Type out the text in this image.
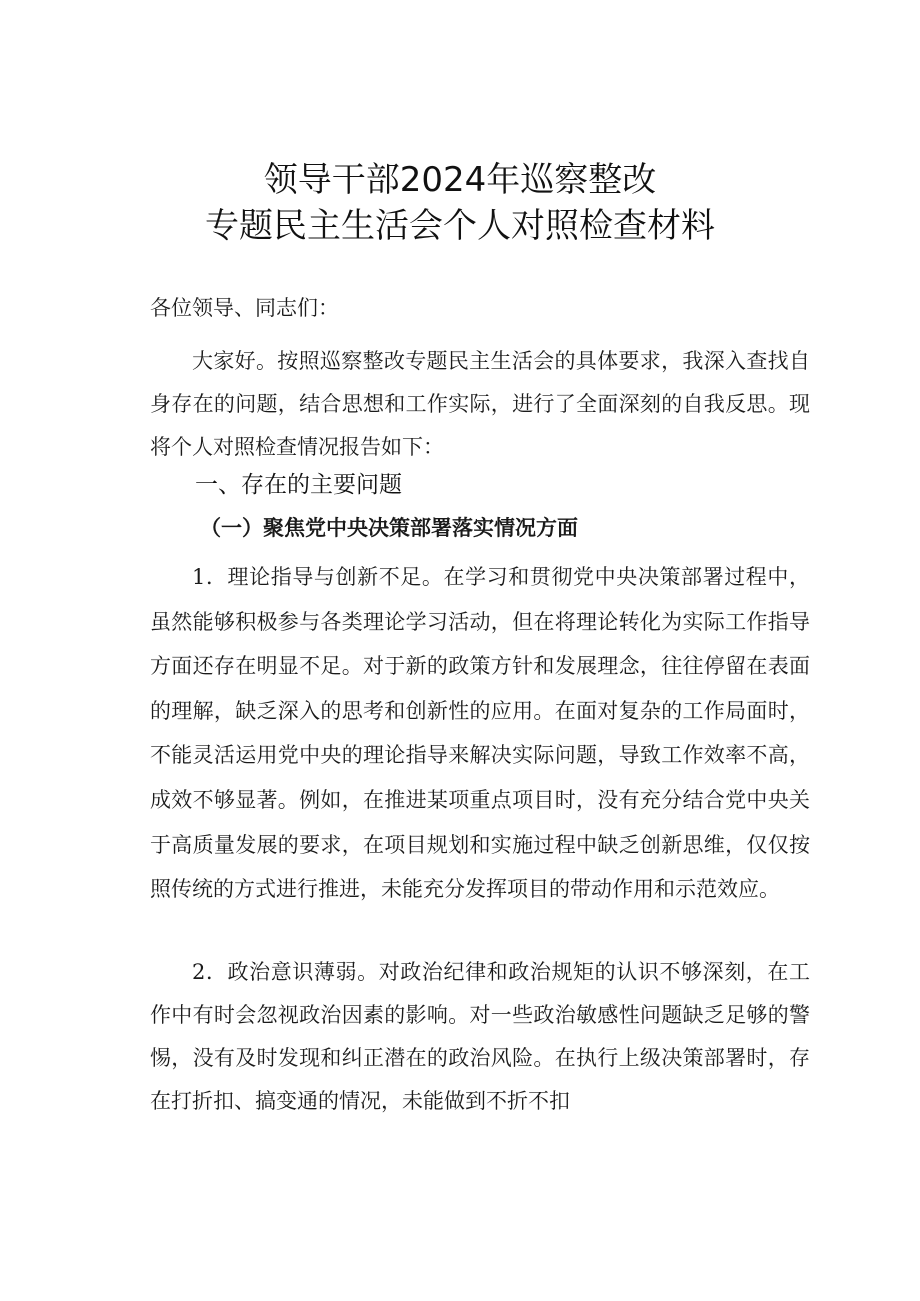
领导干部2024年巡察整改
专题民主生活会个人对照检查材料

各位领导、同志们：

大家好。按照巡察整改专题民主生活会的具体要求，我深入查找自身存在的问题，结合思想和工作实际，进行了全面深刻的自我反思。现将个人对照检查情况报告如下：

一、存在的主要问题
（一）聚焦党中央决策部署落实情况方面

1．理论指导与创新不足。在学习和贯彻党中央决策部署过程中，虽然能够积极参与各类理论学习活动，但在将理论转化为实际工作指导方面还存在明显不足。对于新的政策方针和发展理念，往往停留在表面的理解，缺乏深入的思考和创新性的应用。在面对复杂的工作局面时，不能灵活运用党中央的理论指导来解决实际问题，导致工作效率不高，成效不够显著。例如，在推进某项重点项目时，没有充分结合党中央关于高质量发展的要求，在项目规划和实施过程中缺乏创新思维，仅仅按照传统的方式进行推进，未能充分发挥项目的带动作用和示范效应。

2．政治意识薄弱。对政治纪律和政治规矩的认识不够深刻，在工作中有时会忽视政治因素的影响。对一些政治敏感性问题缺乏足够的警惕，没有及时发现和纠正潜在的政治风险。在执行上级决策部署时，存在打折扣、搞变通的情况，未能做到不折不扣
